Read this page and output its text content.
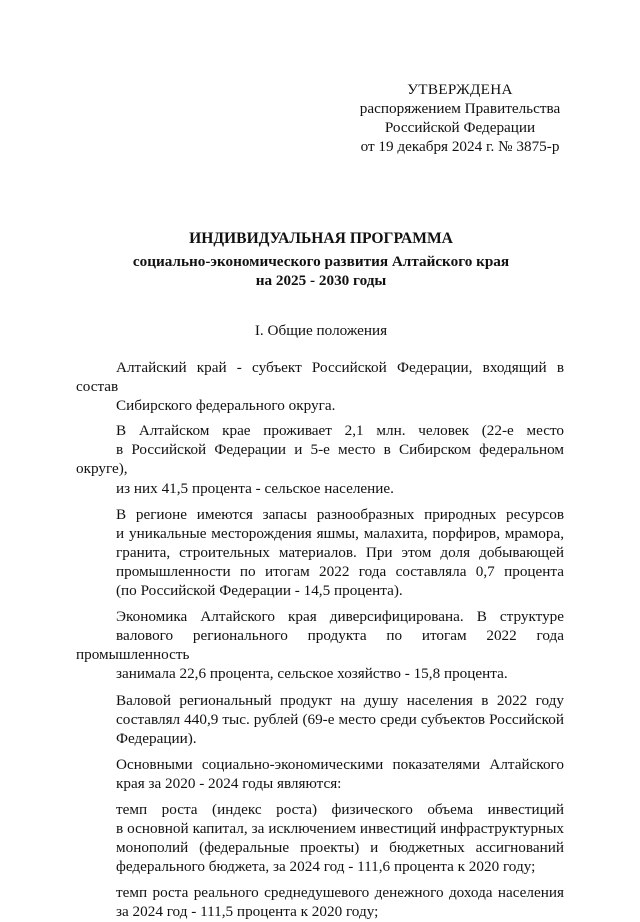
УТВЕРЖДЕНА
распоряжением Правительства
Российской Федерации
от 19 декабря 2024 г. № 3875-р
ИНДИВИДУАЛЬНАЯ ПРОГРАММА
социально-экономического развития Алтайского края
на 2025 - 2030 годы
I. Общие положения

Алтайский край - субъект Российской Федерации, входящий в состав
Сибирского федерального округа.

В Алтайском крае проживает 2,1 млн. человек (22-е место
в Российской Федерации и 5-е место в Сибирском федеральном округе),
из них 41,5 процента - сельское население.

В регионе имеются запасы разнообразных природных ресурсов
и уникальные месторождения яшмы, малахита, порфиров, мрамора,
гранита, строительных материалов. При этом доля добывающей
промышленности по итогам 2022 года составляла 0,7 процента
(по Российской Федерации - 14,5 процента).

Экономика Алтайского края диверсифицирована. В структуре
валового регионального продукта по итогам 2022 года промышленность
занимала 22,6 процента, сельское хозяйство - 15,8 процента.

Валовой региональный продукт на душу населения в 2022 году
составлял 440,9 тыс. рублей (69-е место среди субъектов Российской
Федерации).

Основными социально-экономическими показателями Алтайского
края за 2020 - 2024 годы являются:

темп роста (индекс роста) физического объема инвестиций
в основной капитал, за исключением инвестиций инфраструктурных
монополий (федеральные проекты) и бюджетных ассигнований
федерального бюджета, за 2024 год - 111,6 процента к 2020 году;

темп роста реального среднедушевого денежного дохода населения
за 2024 год - 111,5 процента к 2020 году;
